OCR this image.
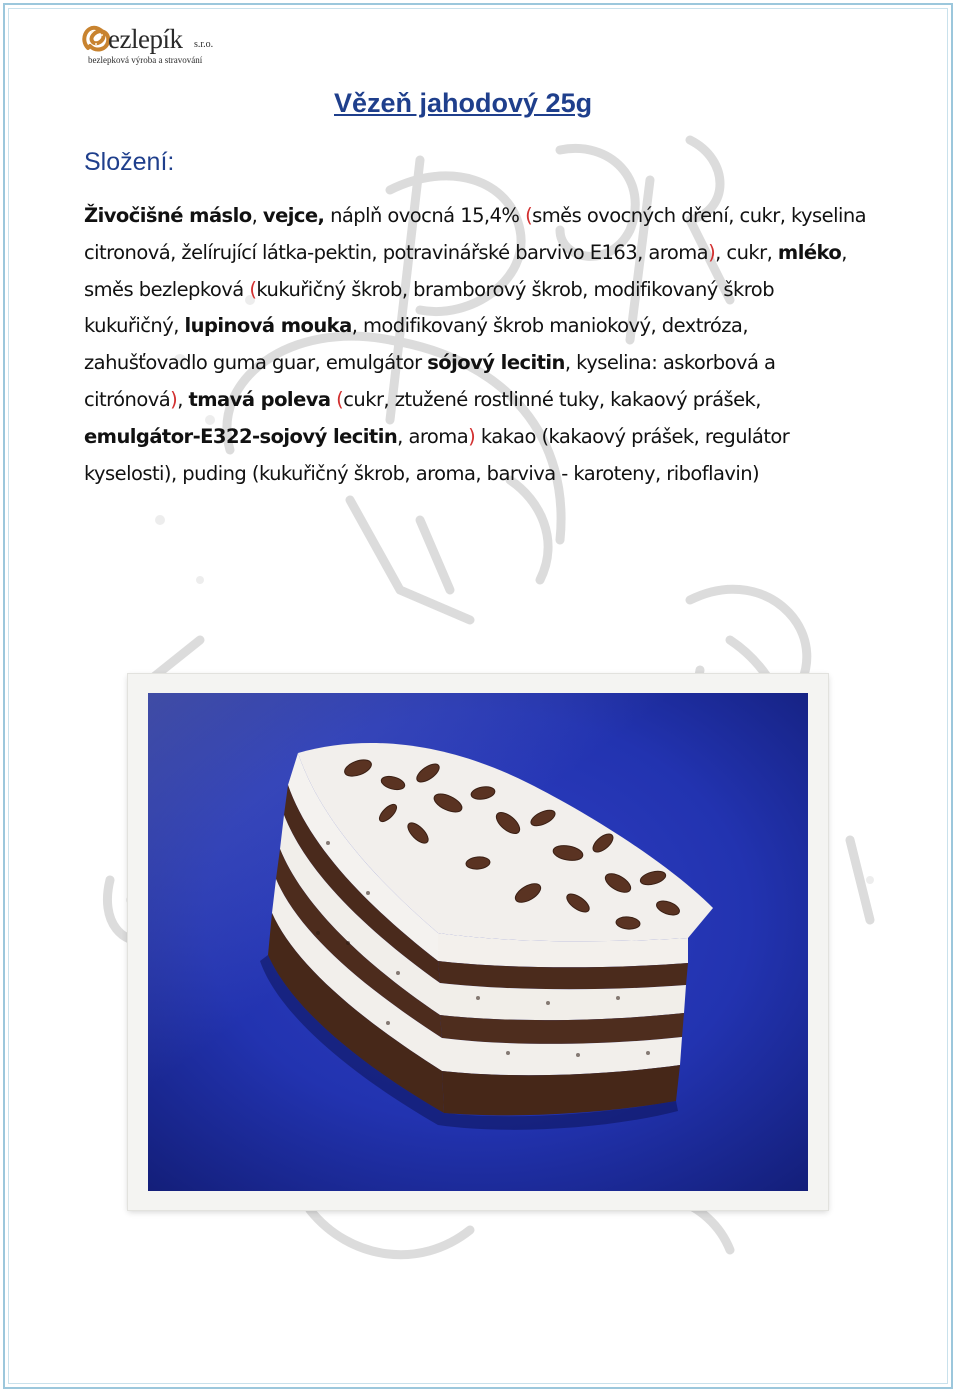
ezlepík s.r.o.
bezlepková výroba a stravování
Vězeň jahodový 25g
Složení:
Živočišné máslo, vejce, náplň ovocná 15,4% (směs ovocných dření, cukr, kyselina citronová, želírující látka-pektin, potravinářské barvivo E163, aroma), cukr, mléko, směs bezlepková (kukuřičný škrob, bramborový škrob, modifikovaný škrob kukuřičný, lupinová mouka, modifikovaný škrob maniokový, dextróza, zahušťovadlo guma guar, emulgátor sójový lecitin, kyselina: askorbová a citrónová), tmavá poleva (cukr, ztužené rostlinné tuky, kakaový prášek, emulgátor-E322-sojový lecitin, aroma) kakao (kakaový prášek, regulátor kyselosti), puding (kukuřičný škrob, aroma, barviva - karoteny, riboflavin)
